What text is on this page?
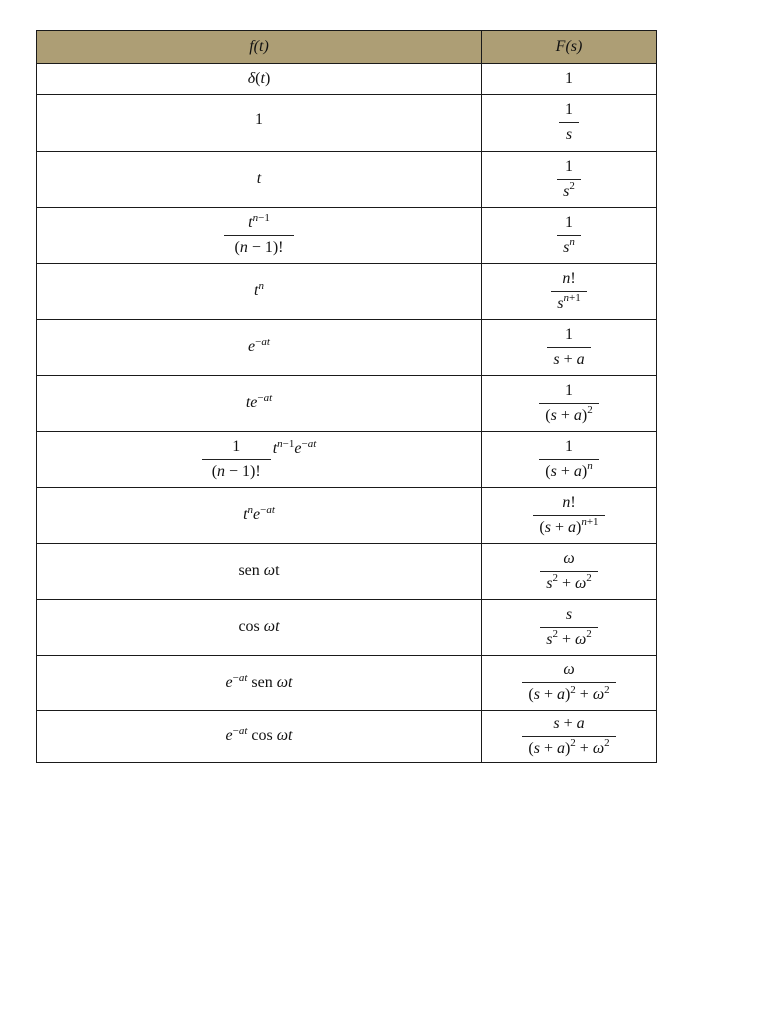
f(t)	F(s)
δ(t)	1
1	$\frac{1}{s}$

t	$\frac{1}{s^2}$

$\frac{t^{n-1}}{(n - 1)!}$	$\frac{1}{s^n}$

$t^n$	$\frac{n!}{s^{n+1}}$

$e^{-at}$	$\frac{1}{s + a}$

$te^{-at}$	$\frac{1}{(s + a)^2}$

$\frac{1}{(n - 1)!} t^{n-1}e^{-at}$	$\frac{1}{(s + a)^n}$

$t^ne^{-at}$	$\frac{n!}{(s + a)^{n+1}}$

sen ωt	$\frac{\omega}{s^2 + \omega^2}$

cos ωt	$\frac{s}{s^2 + \omega^2}$

$e^{-at}$ sen ωt	$\frac{\omega}{(s + a)^2 + \omega^2}$

$e^{-at}$ cos ωt	$\frac{s + a}{(s + a)^2 + \omega^2}$
